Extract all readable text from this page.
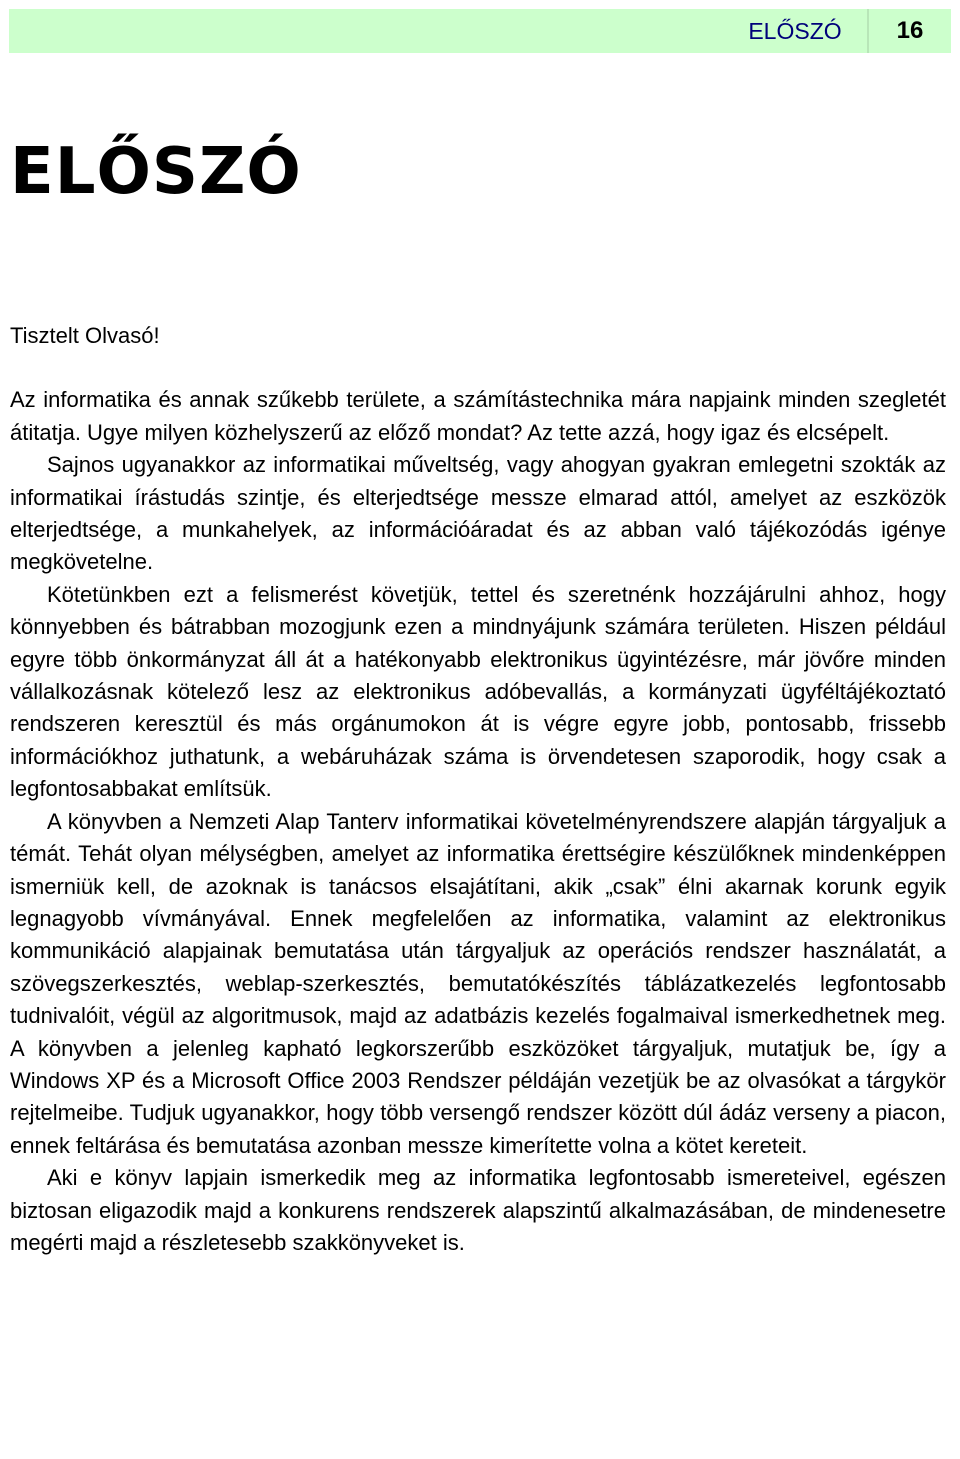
ELŐSZÓ	16
ELŐSZÓ

Tisztelt Olvasó!

Az informatika és annak szűkebb területe, a számítástechnika mára napjaink minden szegletét átitatja. Ugye milyen közhelyszerű az előző mondat? Az tette azzá, hogy igaz és elcsépelt.

Sajnos ugyanakkor az informatikai műveltség, vagy ahogyan gyakran emlegetni szokták az informatikai írástudás szintje, és elterjedtsége messze elmarad attól, amelyet az eszközök elterjedtsége, a munkahelyek, az információáradat és az abban való tájékozódás igénye megkövetelne.

Kötetünkben ezt a felismerést követjük, tettel és szeretnénk hozzájárulni ahhoz, hogy könnyebben és bátrabban mozogjunk ezen a mindnyájunk számára területen. Hiszen például egyre több önkormányzat áll át a hatékonyabb elektronikus ügyintézésre, már jövőre minden vállalkozásnak kötelező lesz az elektronikus adóbevallás, a kormányzati ügyféltájékoztató rendszeren keresztül és más orgánumokon át is végre egyre jobb, pontosabb, frissebb információkhoz juthatunk, a webáruházak száma is örvendetesen szaporodik, hogy csak a legfontosabbakat említsük.

A könyvben a Nemzeti Alap Tanterv informatikai követelményrendszere alapján tárgyaljuk a témát. Tehát olyan mélységben, amelyet az informatika érettségire készülőknek mindenképpen ismerniük kell, de azoknak is tanácsos elsajátítani, akik „csak” élni akarnak korunk egyik legnagyobb vívmányával. Ennek megfelelően az informatika, valamint az elektronikus kommunikáció alapjainak bemutatása után tárgyaljuk az operációs rendszer használatát, a szövegszerkesztés, weblap-szerkesztés, bemutatókészítés táblázatkezelés legfontosabb tudnivalóit, végül az algoritmusok, majd az adatbázis kezelés fogalmaival ismerkedhetnek meg. A könyvben a jelenleg kapható legkorszerűbb eszközöket tárgyaljuk, mutatjuk be, így a Windows XP és a Microsoft Office 2003 Rendszer példáján vezetjük be az olvasókat a tárgykör rejtelmeibe. Tudjuk ugyanakkor, hogy több versengő rendszer között dúl ádáz verseny a piacon, ennek feltárása és bemutatása azonban messze kimerítette volna a kötet kereteit.

Aki e könyv lapjain ismerkedik meg az informatika legfontosabb ismereteivel, egészen biztosan eligazodik majd a konkurens rendszerek alapszintű alkalmazásában, de mindenesetre megérti majd a részletesebb szakkönyveket is.
